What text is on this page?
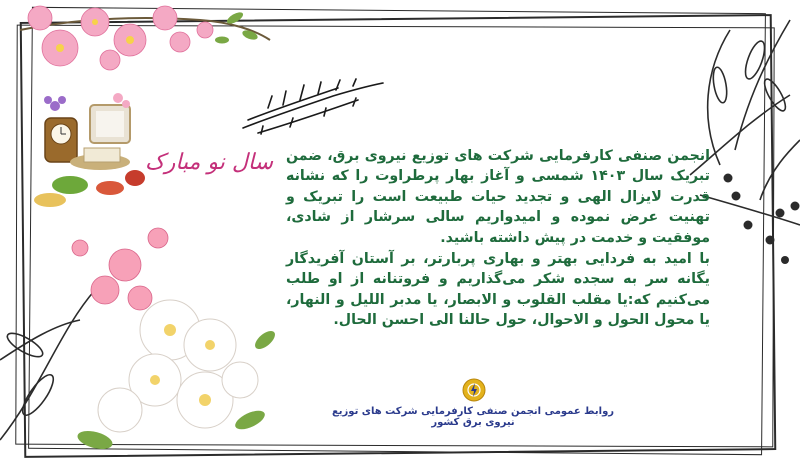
سال نو مبارک انجمن صنفی کارفرمایی شرکت های توزیع نیروی برق، ضمن تبریک سال ۱۴۰۳ شمسی و آغاز بهار پرطراوت را که نشانه قدرت لایزال الهی و تجدید حیات طبیعت است را تبریک و تهنیت عرض نموده و امیدواریم سالی سرشار از شادی، موفقیت و خدمت در پیش داشته باشید.

با امید به فردایی بهتر و بهاری پربارتر، بر آستان آفریدگار یگانه سر به سجده شکر می‌گذاریم و فروتنانه از او طلب می‌کنیم که:یا مقلب القلوب و الابصار، یا مدبر اللیل و النهار، یا محول الحول و الاحوال، حول حالنا الی احسن الحال.

روابط عمومی انجمن صنفی کارفرمایی شرکت های توزیع نیروی برق کشور
